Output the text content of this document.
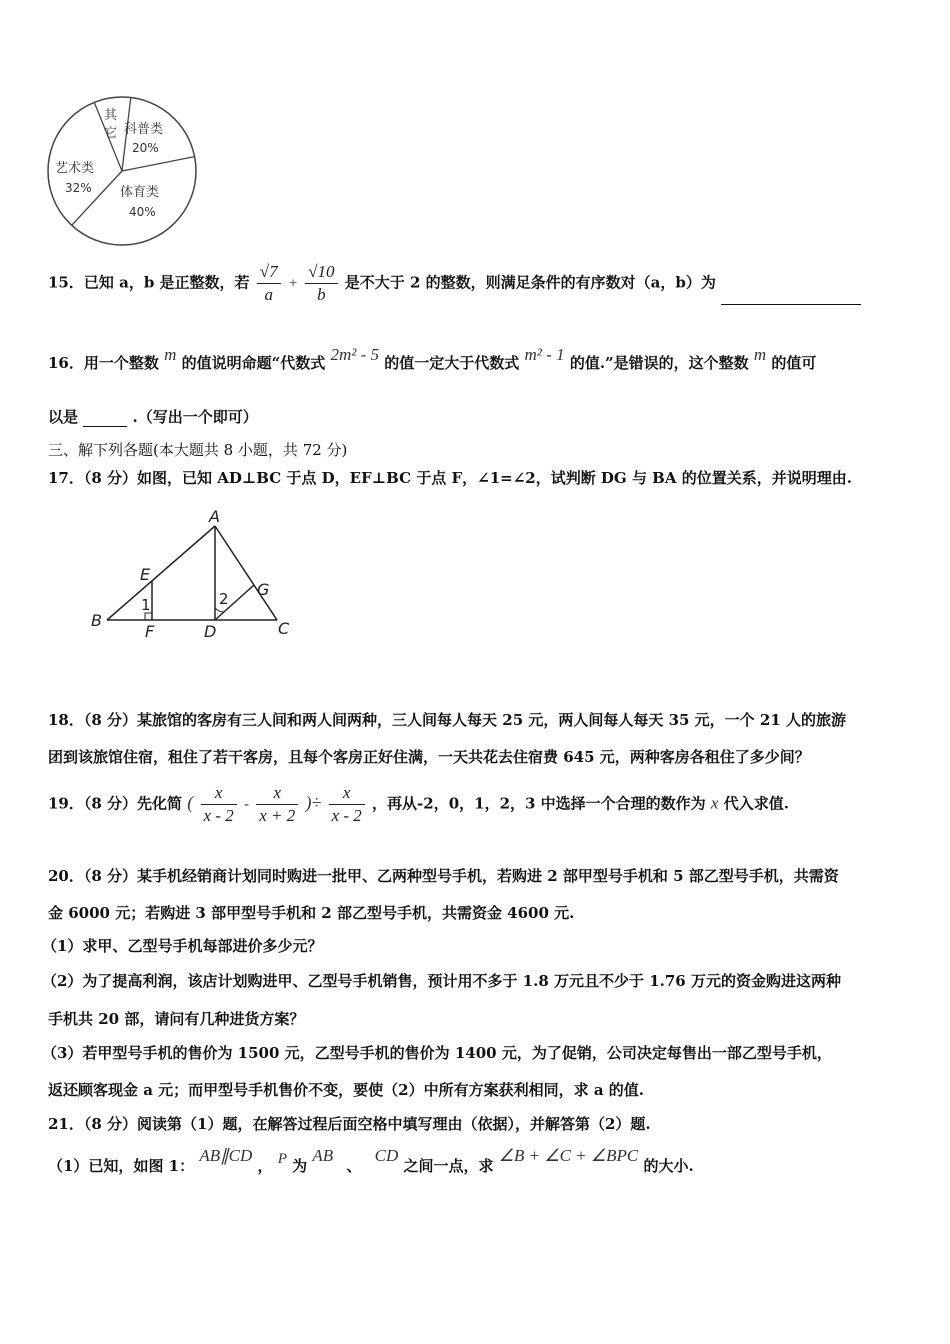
其
它 科普类
20%
艺术类
32% 体育类
40%
15．已知 a，b 是正整数，若 $\frac{√7}{a} + \frac{√10}{b}$ 是不大于 2 的整数，则满足条件的有序数对（a，b）为
16．用一个整数 m 的值说明命题“代数式 2m² - 5 的值一定大于代数式 m² - 1 的值.”是错误的，这个整数 m 的值可
以是	.（写出一个即可）
三、解下列各题(本大题共 8 小题，共 72 分)
17．（8 分）如图，已知 AD⊥BC 于点 D，EF⊥BC 于点 F，∠1=∠2，试判断 DG 与 BA 的位置关系，并说明理由.
A
B	C
D
E
F
G
1	2
18．（8 分）某旅馆的客房有三人间和两人间两种，三人间每人每天 25 元，两人间每人每天 35 元，一个 21 人的旅游
团到该旅馆住宿，租住了若干客房，且每个客房正好住满，一天共花去住宿费 645 元，两种客房各租住了多少间？
19．（8 分）先化简 ( $\frac{x}{x - 2} - \frac{x}{x + 2}$ )÷ $\frac{x}{x - 2}$ ，再从-2，0，1，2，3 中选择一个合理的数作为 x 代入求值.
20．（8 分）某手机经销商计划同时购进一批甲、乙两种型号手机，若购进 2 部甲型号手机和 5 部乙型号手机，共需资
金 6000 元；若购进 3 部甲型号手机和 2 部乙型号手机，共需资金 4600 元.
（1）求甲、乙型号手机每部进价多少元？
（2）为了提高利润，该店计划购进甲、乙型号手机销售，预计用不多于 1.8 万元且不少于 1.76 万元的资金购进这两种
手机共 20 部，请问有几种进货方案？
（3）若甲型号手机的售价为 1500 元，乙型号手机的售价为 1400 元，为了促销，公司决定每售出一部乙型号手机，
返还顾客现金 a 元；而甲型号手机售价不变，要使（2）中所有方案获利相同，求 a 的值.
21．（8 分）阅读第（1）题，在解答过程后面空格中填写理由（依据），并解答第（2）题.
（1）已知，如图 1： AB∥CD ， P 为 AB 、 CD 之间一点，求 ∠B + ∠C + ∠BPC 的大小.
